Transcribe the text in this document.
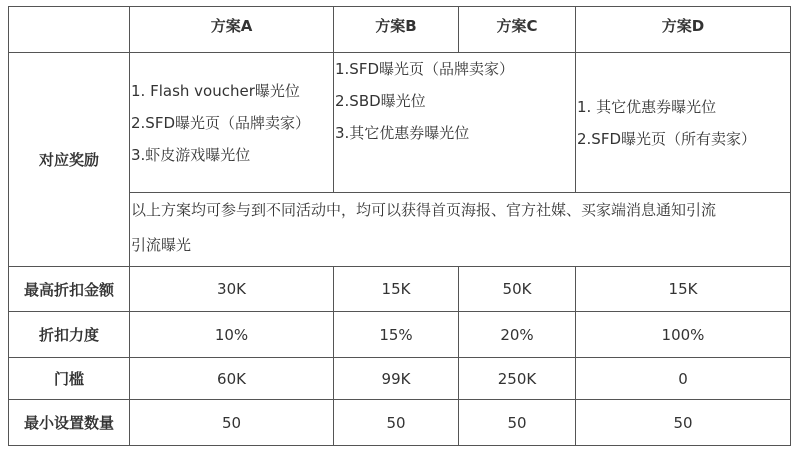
	方案A	方案B	方案C	方案D
对应奖励	1. Flash voucher曝光位
2.SFD曝光页（品牌卖家）
3.虾皮游戏曝光位	1.SFD曝光页（品牌卖家）
2.SBD曝光位
3.其它优惠券曝光位		1. 其它优惠券曝光位
2.SFD曝光页（所有卖家）

	以上方案均可参与到不同活动中，均可以获得首页海报、官方社媒、买家端消息通知引流
引流曝光			

最高折扣金额	30K	15K	50K	15K
折扣力度	10%	15%	20%	100%
门槛	60K	99K	250K	0
最小设置数量	50	50	50	50
